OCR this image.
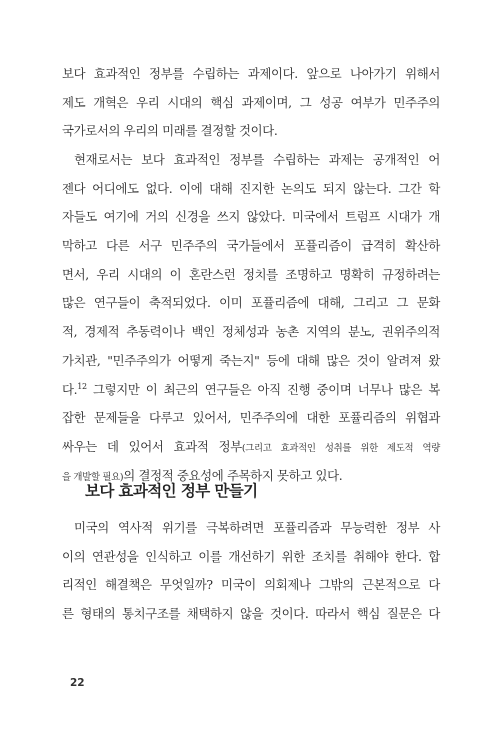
보다 효과적인 정부를 수립하는 과제이다. 앞으로 나아가기 위해서
제도 개혁은 우리 시대의 핵심 과제이며, 그 성공 여부가 민주주의
국가로서의 우리의 미래를 결정할 것이다.
현재로서는 보다 효과적인 정부를 수립하는 과제는 공개적인 어
젠다 어디에도 없다. 이에 대해 진지한 논의도 되지 않는다. 그간 학
자들도 여기에 거의 신경을 쓰지 않았다. 미국에서 트럼프 시대가 개
막하고 다른 서구 민주주의 국가들에서 포퓰리즘이 급격히 확산하
면서, 우리 시대의 이 혼란스런 정치를 조명하고 명확히 규정하려는
많은 연구들이 축적되었다. 이미 포퓰리즘에 대해, 그리고 그 문화
적, 경제적 추동력이나 백인 정체성과 농촌 지역의 분노, 권위주의적
가치관, "민주주의가 어떻게 죽는지" 등에 대해 많은 것이 알려져 왔
다.$^{12}$ 그렇지만 이 최근의 연구들은 아직 진행 중이며 너무나 많은 복
잡한 문제들을 다루고 있어서, 민주주의에 대한 포퓰리즘의 위협과
싸우는 데 있어서 효과적 정부(그리고 효과적인 성취를 위한 제도적 역량
을 개발할 필요)의 결정적 중요성에 주목하지 못하고 있다.
보다 효과적인 정부 만들기
미국의 역사적 위기를 극복하려면 포퓰리즘과 무능력한 정부 사
이의 연관성을 인식하고 이를 개선하기 위한 조치를 취해야 한다. 합
리적인 해결책은 무엇일까? 미국이 의회제나 그밖의 근본적으로 다
른 형태의 통치구조를 채택하지 않을 것이다. 따라서 핵심 질문은 다
22
